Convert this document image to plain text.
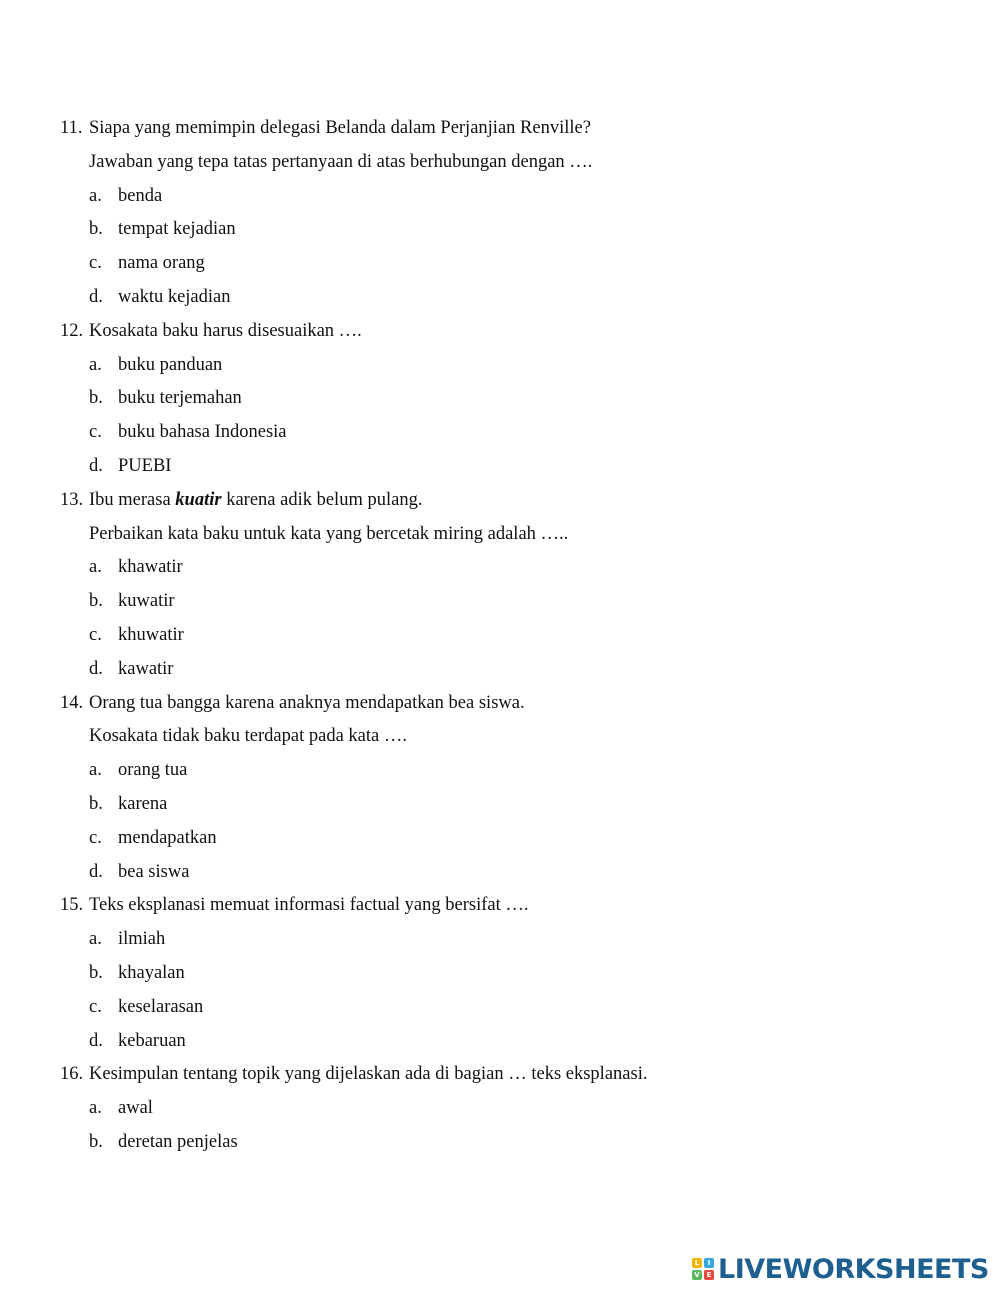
11. Siapa yang memimpin delegasi Belanda dalam Perjanjian Renville?
Jawaban yang tepa tatas pertanyaan di atas berhubungan dengan ….
a. benda
b. tempat kejadian
c. nama orang
d. waktu kejadian
12. Kosakata baku harus disesuaikan ….
a. buku panduan
b. buku terjemahan
c. buku bahasa Indonesia
d. PUEBI
13. Ibu merasa kuatir karena adik belum pulang.
Perbaikan kata baku untuk kata yang bercetak miring adalah …..
a. khawatir
b. kuwatir
c. khuwatir
d. kawatir
14. Orang tua bangga karena anaknya mendapatkan bea siswa.
Kosakata tidak baku terdapat pada kata ….
a. orang tua
b. karena
c. mendapatkan
d. bea siswa
15. Teks eksplanasi memuat informasi factual yang bersifat ….
a. ilmiah
b. khayalan
c. keselarasan
d. kebaruan
16. Kesimpulan tentang topik yang dijelaskan ada di bagian … teks eksplanasi.
a. awal
b. deretan penjelas
L	I
V E LIVEWORKSHEETS
